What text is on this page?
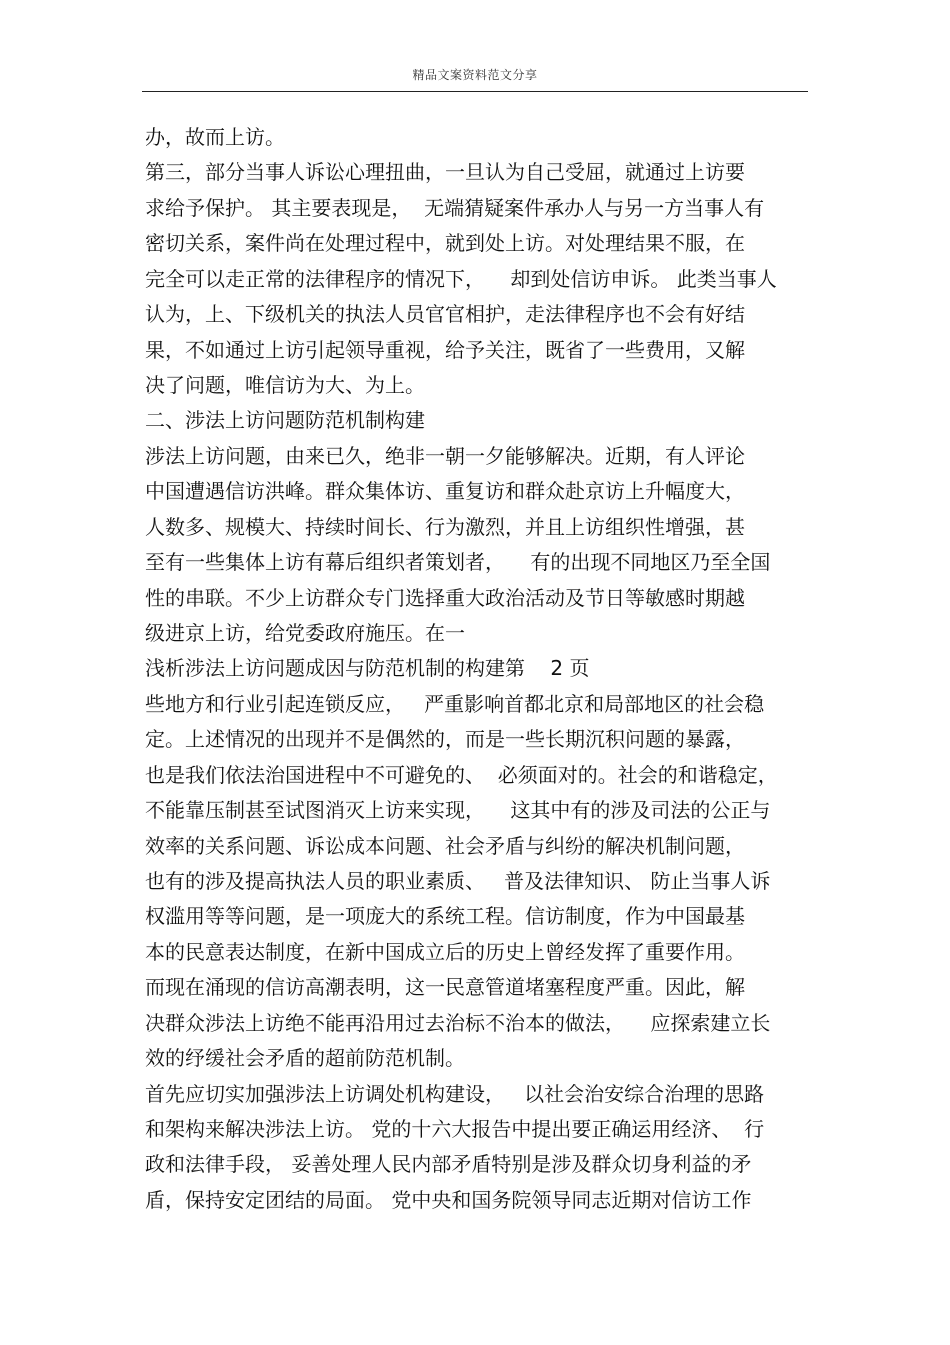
精品文案资料范文分享
办，故而上访。
第三，部分当事人诉讼心理扭曲，一旦认为自己受屈，就通过上访要
求给予保护。 其主要表现是，  无端猜疑案件承办人与另一方当事人有
密切关系，案件尚在处理过程中，就到处上访。对处理结果不服，在
完全可以走正常的法律程序的情况下，    却到处信访申诉。 此类当事人
认为，上、下级机关的执法人员官官相护，走法律程序也不会有好结
果，不如通过上访引起领导重视，给予关注，既省了一些费用，又解
决了问题，唯信访为大、为上。
二、涉法上访问题防范机制构建
涉法上访问题，由来已久，绝非一朝一夕能够解决。近期，有人评论
中国遭遇信访洪峰。群众集体访、重复访和群众赴京访上升幅度大，
人数多、规模大、持续时间长、行为激烈，并且上访组织性增强，甚
至有一些集体上访有幕后组织者策划者，    有的出现不同地区乃至全国
性的串联。不少上访群众专门选择重大政治活动及节日等敏感时期越
级进京上访，给党委政府施压。在一
浅析涉法上访问题成因与防范机制的构建第    2 页
些地方和行业引起连锁反应，   严重影响首都北京和局部地区的社会稳
定。上述情况的出现并不是偶然的，而是一些长期沉积问题的暴露，
也是我们依法治国进程中不可避免的、  必须面对的。社会的和谐稳定，
不能靠压制甚至试图消灭上访来实现，    这其中有的涉及司法的公正与
效率的关系问题、诉讼成本问题、社会矛盾与纠纷的解决机制问题，
也有的涉及提高执法人员的职业素质、   普及法律知识、 防止当事人诉
权滥用等等问题，是一项庞大的系统工程。信访制度，作为中国最基
本的民意表达制度，在新中国成立后的历史上曾经发挥了重要作用。
而现在涌现的信访高潮表明，这一民意管道堵塞程度严重。因此，解
决群众涉法上访绝不能再沿用过去治标不治本的做法，    应探索建立长
效的纾缓社会矛盾的超前防范机制。
首先应切实加强涉法上访调处机构建设，   以社会治安综合治理的思路
和架构来解决涉法上访。 党的十六大报告中提出要正确运用经济、  行
政和法律手段， 妥善处理人民内部矛盾特别是涉及群众切身利益的矛
盾，保持安定团结的局面。 党中央和国务院领导同志近期对信访工作
